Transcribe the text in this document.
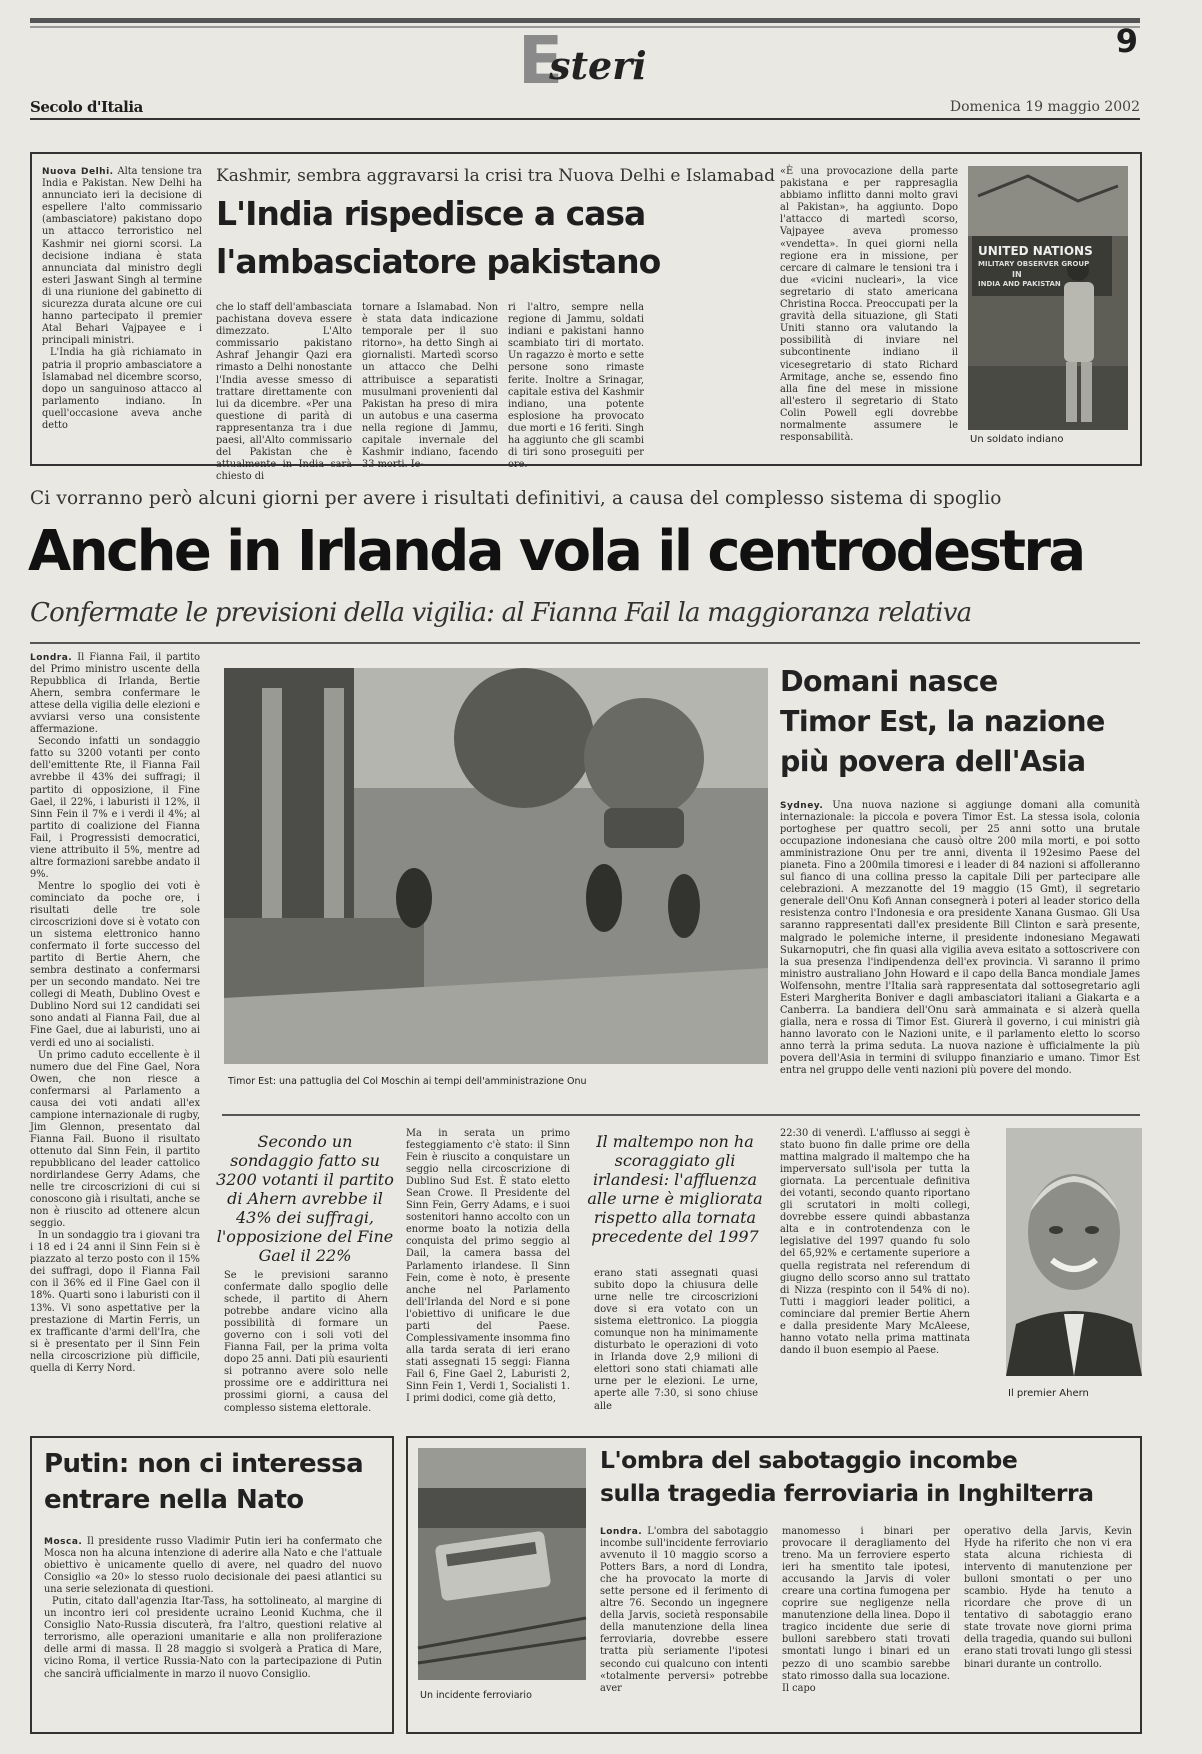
E
steri
9
Secolo d'Italia	Domenica 19 maggio 2002
Kashmir, sembra aggravarsi la crisi tra Nuova Delhi e Islamabad
L'India rispedisce a casa
l'ambasciatore pakistano

Nuova Delhi. Alta tensione tra India e Pakistan. New Delhi ha annunciato ieri la decisione di espellere l'alto commissario (ambasciatore) pakistano dopo un attacco terroristico nel Kashmir nei giorni scorsi. La decisione indiana è stata annunciata dal ministro degli esteri Jaswant Singh al termine di una riunione del gabinetto di sicurezza durata alcune ore cui hanno partecipato il premier Atal Behari Vajpayee e i principali ministri.

L'India ha già richiamato in patria il proprio ambasciatore a Islamabad nel dicembre scorso, dopo un sanguinoso attacco al parlamento indiano. In quell'occasione aveva anche detto

che lo staff dell'ambasciata pachistana doveva essere dimezzato. L'Alto commissario pakistano Ashraf Jehangir Qazi era rimasto a Delhi nonostante l'India avesse smesso di trattare direttamente con lui da dicembre. «Per una questione di parità di rappresentanza tra i due paesi, all'Alto commissario del Pakistan che è attualmente in India sarà chiesto di
tornare a Islamabad. Non è stata data indicazione temporale per il suo ritorno», ha detto Singh ai giornalisti. Martedì scorso un attacco che Delhi attribuisce a separatisti musulmani provenienti dal Pakistan ha preso di mira un autobus e una caserma nella regione di Jammu, capitale invernale del Kashmir indiano, facendo 33 morti. Ie-
ri l'altro, sempre nella regione di Jammu, soldati indiani e pakistani hanno scambiato tiri di mortato. Un ragazzo è morto e sette persone sono rimaste ferite. Inoltre a Srinagar, capitale estiva del Kashmir indiano, una potente esplosione ha provocato due morti e 16 feriti. Singh ha aggiunto che gli scambi di tiri sono proseguiti per ore.
«È una provocazione della parte pakistana e per rappresaglia abbiamo inflitto danni molto gravi al Pakistan», ha aggiunto. Dopo l'attacco di martedì scorso, Vajpayee aveva promesso «vendetta». In quei giorni nella regione era in missione, per cercare di calmare le tensioni tra i due «vicini nucleari», la vice segretario di stato americana Christina Rocca. Preoccupati per la gravità della situazione, gli Stati Uniti stanno ora valutando la possibilità di inviare nel subcontinente indiano il vicesegretario di stato Richard Armitage, anche se, essendo fino alla fine del mese in missione all'estero il segretario di Stato Colin Powell egli dovrebbe normalmente assumere le responsabilità.
UNITED NATIONS
MILITARY OBSERVER GROUP
IN
INDIA AND PAKISTAN
Un soldato indiano
Ci vorranno però alcuni giorni per avere i risultati definitivi, a causa del complesso sistema di spoglio
Anche in Irlanda vola il centrodestra
Confermate le previsioni della vigilia: al Fianna Fail la maggioranza relativa

Londra. Il Fianna Fail, il partito del Primo ministro uscente della Repubblica di Irlanda, Bertie Ahern, sembra confermare le attese della vigilia delle elezioni e avviarsi verso una consistente affermazione.

Secondo infatti un sondaggio fatto su 3200 votanti per conto dell'emittente Rte, il Fianna Fail avrebbe il 43% dei suffragi; il partito di opposizione, il Fine Gael, il 22%, i laburisti il 12%, il Sinn Fein il 7% e i verdi il 4%; al partito di coalizione del Fianna Fail, i Progressisti democratici, viene attribuito il 5%, mentre ad altre formazioni sarebbe andato il 9%.

Mentre lo spoglio dei voti è cominciato da poche ore, i risultati delle tre sole circoscrizioni dove si è votato con un sistema elettronico hanno confermato il forte successo del partito di Bertie Ahern, che sembra destinato a confermarsi per un secondo mandato. Nei tre collegi di Meath, Dublino Ovest e Dublino Nord sui 12 candidati sei sono andati al Fianna Fail, due al Fine Gael, due ai laburisti, uno ai verdi ed uno ai socialisti.

Un primo caduto eccellente è il numero due del Fine Gael, Nora Owen, che non riesce a confermarsi al Parlamento a causa dei voti andati all'ex campione internazionale di rugby, Jim Glennon, presentato dal Fianna Fail. Buono il risultato ottenuto dal Sinn Fein, il partito repubblicano del leader cattolico nordirlandese Gerry Adams, che nelle tre circoscrizioni di cui si conoscono già i risultati, anche se non è riuscito ad ottenere alcun seggio.

In un sondaggio tra i giovani tra i 18 ed i 24 anni il Sinn Fein si è piazzato al terzo posto con il 15% dei suffragi, dopo il Fianna Fail con il 36% ed il Fine Gael con il 18%. Quarti sono i laburisti con il 13%. Vi sono aspettative per la prestazione di Martin Ferris, un ex trafficante d'armi dell'Ira, che si è presentato per il Sinn Fein nella circoscrizione più difficile, quella di Kerry Nord.

Timor Est: una pattuglia del Col Moschin ai tempi dell'amministrazione Onu
Domani nasce
Timor Est, la nazione
più povera dell'Asia
Sydney. Una nuova nazione si aggiunge domani alla comunità internazionale: la piccola e povera Timor Est. La stessa isola, colonia portoghese per quattro secoli, per 25 anni sotto una brutale occupazione indonesiana che causò oltre 200 mila morti, e poi sotto amministrazione Onu per tre anni, diventa il 192esimo Paese del pianeta. Fino a 200mila timoresi e i leader di 84 nazioni si affolleranno sul fianco di una collina presso la capitale Dili per partecipare alle celebrazioni. A mezzanotte del 19 maggio (15 Gmt), il segretario generale dell'Onu Kofi Annan consegnerà i poteri al leader storico della resistenza contro l'Indonesia e ora presidente Xanana Gusmao. Gli Usa saranno rappresentati dall'ex presidente Bill Clinton e sarà presente, malgrado le polemiche interne, il presidente indonesiano Megawati Sukarnoputri, che fin quasi alla vigilia aveva esitato a sottoscrivere con la sua presenza l'indipendenza dell'ex provincia. Vi saranno il primo ministro australiano John Howard e il capo della Banca mondiale James Wolfensohn, mentre l'Italia sarà rappresentata dal sottosegretario agli Esteri Margherita Boniver e dagli ambasciatori italiani a Giakarta e a Canberra. La bandiera dell'Onu sarà ammainata e si alzerà quella gialla, nera e rossa di Timor Est. Giurerà il governo, i cui ministri già hanno lavorato con le Nazioni unite, e il parlamento eletto lo scorso anno terrà la prima seduta. La nuova nazione è ufficialmente la più povera dell'Asia in termini di sviluppo finanziario e umano. Timor Est entra nel gruppo delle venti nazioni più povere del mondo.
Secondo un sondaggio fatto su 3200 votanti il partito di Ahern avrebbe il 43% dei suffragi, l'opposizione del Fine Gael il 22%
Se le previsioni saranno confermate dallo spoglio delle schede, il partito di Ahern potrebbe andare vicino alla possibilità di formare un governo con i soli voti del Fianna Fail, per la prima volta dopo 25 anni. Dati più esaurienti si potranno avere solo nelle prossime ore e addirittura nei prossimi giorni, a causa del complesso sistema elettorale.
Ma in serata un primo festeggiamento c'è stato: il Sinn Fein è riuscito a conquistare un seggio nella circoscrizione di Dublino Sud Est. È stato eletto Sean Crowe. Il Presidente del Sinn Fein, Gerry Adams, e i suoi sostenitori hanno accolto con un enorme boato la notizia della conquista del primo seggio al Dail, la camera bassa del Parlamento irlandese. Il Sinn Fein, come è noto, è presente anche nel Parlamento dell'Irlanda del Nord e si pone l'obiettivo di unificare le due parti del Paese. Complessivamente insomma fino alla tarda serata di ieri erano stati assegnati 15 seggi: Fianna Fail 6, Fine Gael 2, Laburisti 2, Sinn Fein 1, Verdi 1, Socialisti 1. I primi dodici, come già detto,
Il maltempo non ha scoraggiato gli irlandesi: l'affluenza alle urne è migliorata rispetto alla tornata precedente del 1997
erano stati assegnati quasi subito dopo la chiusura delle urne nelle tre circoscrizioni dove si era votato con un sistema elettronico. La pioggia comunque non ha minimamente disturbato le operazioni di voto in Irlanda dove 2,9 milioni di elettori sono stati chiamati alle urne per le elezioni. Le urne, aperte alle 7:30, si sono chiuse alle
22:30 di venerdì. L'afflusso ai seggi è stato buono fin dalle prime ore della mattina malgrado il maltempo che ha imperversato sull'isola per tutta la giornata. La percentuale definitiva dei votanti, secondo quanto riportano gli scrutatori in molti collegi, dovrebbe essere quindi abbastanza alta e in controtendenza con le legislative del 1997 quando fu solo del 65,92% e certamente superiore a quella registrata nel referendum di giugno dello scorso anno sul trattato di Nizza (respinto con il 54% di no). Tutti i maggiori leader politici, a cominciare dal premier Bertie Ahern e dalla presidente Mary McAleese, hanno votato nella prima mattinata dando il buon esempio al Paese.
Il premier Ahern
Putin: non ci interessa
entrare nella Nato

Mosca. Il presidente russo Vladimir Putin ieri ha confermato che Mosca non ha alcuna intenzione di aderire alla Nato e che l'attuale obiettivo è unicamente quello di avere, nel quadro del nuovo Consiglio «a 20» lo stesso ruolo decisionale dei paesi atlantici su una serie selezionata di questioni.

Putin, citato dall'agenzia Itar-Tass, ha sottolineato, al margine di un incontro ieri col presidente ucraino Leonid Kuchma, che il Consiglio Nato-Russia discuterà, fra l'altro, questioni relative al terrorismo, alle operazioni umanitarie e alla non proliferazione delle armi di massa. Il 28 maggio si svolgerà a Pratica di Mare, vicino Roma, il vertice Russia-Nato con la partecipazione di Putin che sancirà ufficialmente in marzo il nuovo Consiglio.

Un incidente ferroviario
L'ombra del sabotaggio incombe
sulla tragedia ferroviaria in Inghilterra
Londra. L'ombra del sabotaggio incombe sull'incidente ferroviario avvenuto il 10 maggio scorso a Potters Bars, a nord di Londra, che ha provocato la morte di sette persone ed il ferimento di altre 76. Secondo un ingegnere della Jarvis, società responsabile della manutenzione della linea ferroviaria, dovrebbe essere tratta più seriamente l'ipotesi secondo cui qualcuno con intenti «totalmente perversi» potrebbe aver
manomesso i binari per provocare il deragliamento del treno. Ma un ferroviere esperto ieri ha smentito tale ipotesi, accusando la Jarvis di voler creare una cortina fumogena per coprire sue negligenze nella manutenzione della linea. Dopo il tragico incidente due serie di bulloni sarebbero stati trovati smontati lungo i binari ed un pezzo di uno scambio sarebbe stato rimosso dalla sua locazione. Il capo
operativo della Jarvis, Kevin Hyde ha riferito che non vi era stata alcuna richiesta di intervento di manutenzione per bulloni smontati o per uno scambio. Hyde ha tenuto a ricordare che prove di un tentativo di sabotaggio erano state trovate nove giorni prima della tragedia, quando sui bulloni erano stati trovati lungo gli stessi binari durante un controllo.
